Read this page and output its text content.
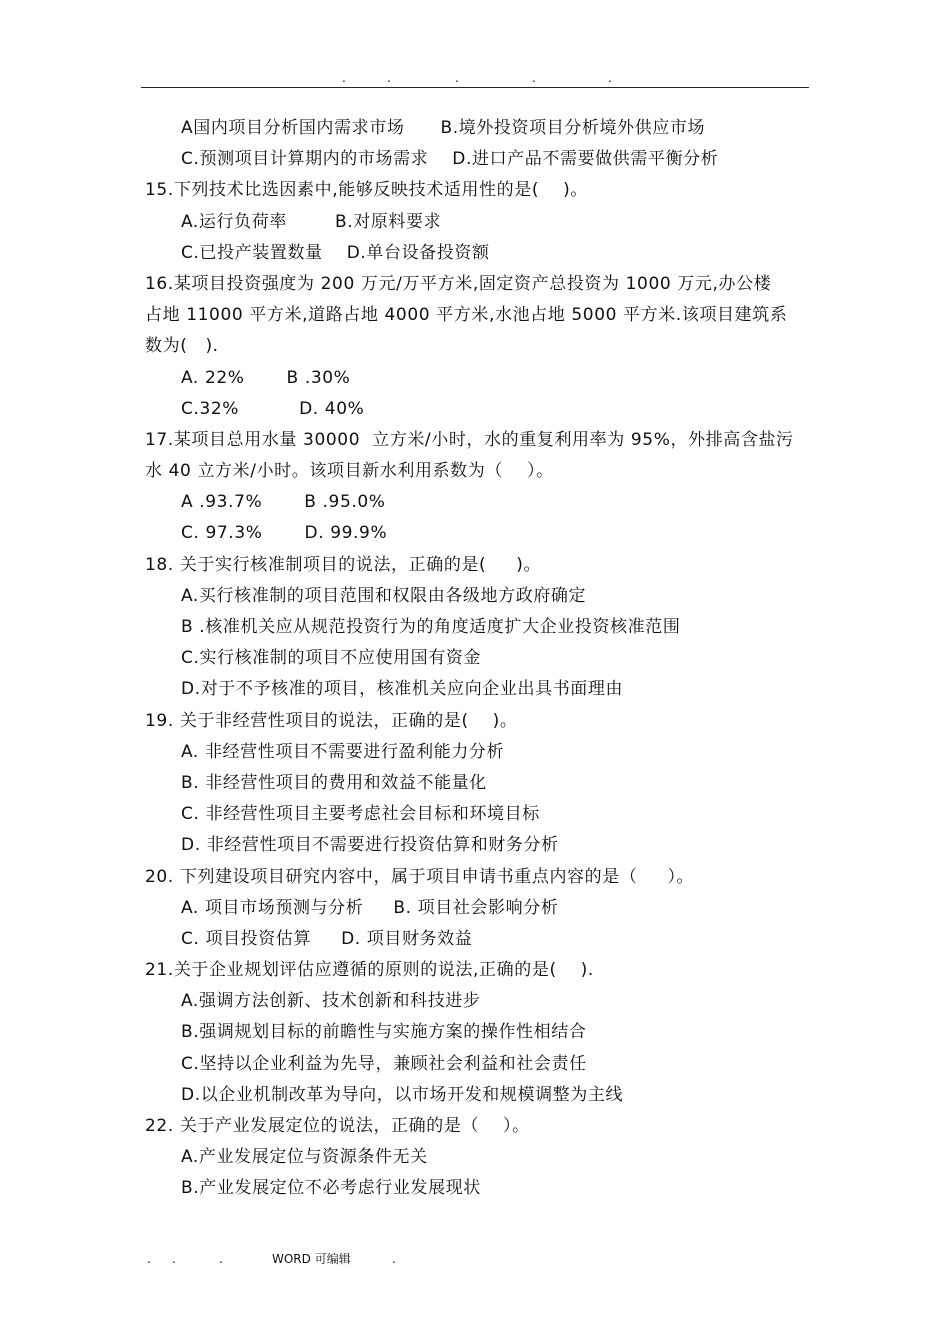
.	.	.	.	.
A国内项目分析国内需求市场      B.境外投资项目分析境外供应市场
C.预测项目计算期内的市场需求    D.进口产品不需要做供需平衡分析
15.下列技术比选因素中,能够反映技术适用性的是(    )。
A.运行负荷率        B.对原料要求
C.已投产装置数量    D.单台设备投资额
16.某项目投资强度为 200 万元/万平方米,固定资产总投资为 1000 万元,办公楼
占地 11000 平方米,道路占地 4000 平方米,水池占地 5000 平方米.该项目建筑系
数为(   ).
A. 22%       B .30%
C.32%          D. 40%
17.某项目总用水量 30000  立方米/小时，水的重复利用率为 95%，外排高含盐污
水 40 立方米/小时。该项目新水利用系数为（    ）。
A .93.7%       B .95.0%
C. 97.3%       D. 99.9%
18. 关于实行核准制项目的说法，正确的是(     )。
A.买行核准制的项目范围和权限由各级地方政府确定
B .核准机关应从规范投资行为的角度适度扩大企业投资核准范围
C.实行核准制的项目不应使用国有资金
D.对于不予核准的项目，核准机关应向企业出具书面理由
19. 关于非经营性项目的说法，正确的是(    )。
A. 非经营性项目不需要进行盈利能力分析
B. 非经营性项目的费用和效益不能量化
C. 非经营性项目主要考虑社会目标和环境目标
D. 非经营性项目不需要进行投资估算和财务分析
20. 下列建设项目研究内容中，属于项目申请书重点内容的是（     ）。
A. 项目市场预测与分析     B. 项目社会影响分析
C. 项目投资估算     D. 项目财务效益
21.关于企业规划评估应遵循的原则的说法,正确的是(    ).
A.强调方法创新、技术创新和科技进步
B.强调规划目标的前瞻性与实施方案的操作性相结合
C.坚持以企业利益为先导，兼顾社会利益和社会责任
D.以企业机制改革为导向，以市场开发和规模调整为主线
22. 关于产业发展定位的说法，正确的是（    ）。
A.产业发展定位与资源条件无关
B.产业发展定位不必考虑行业发展现状
. .	.	WORD 可编辑	.
